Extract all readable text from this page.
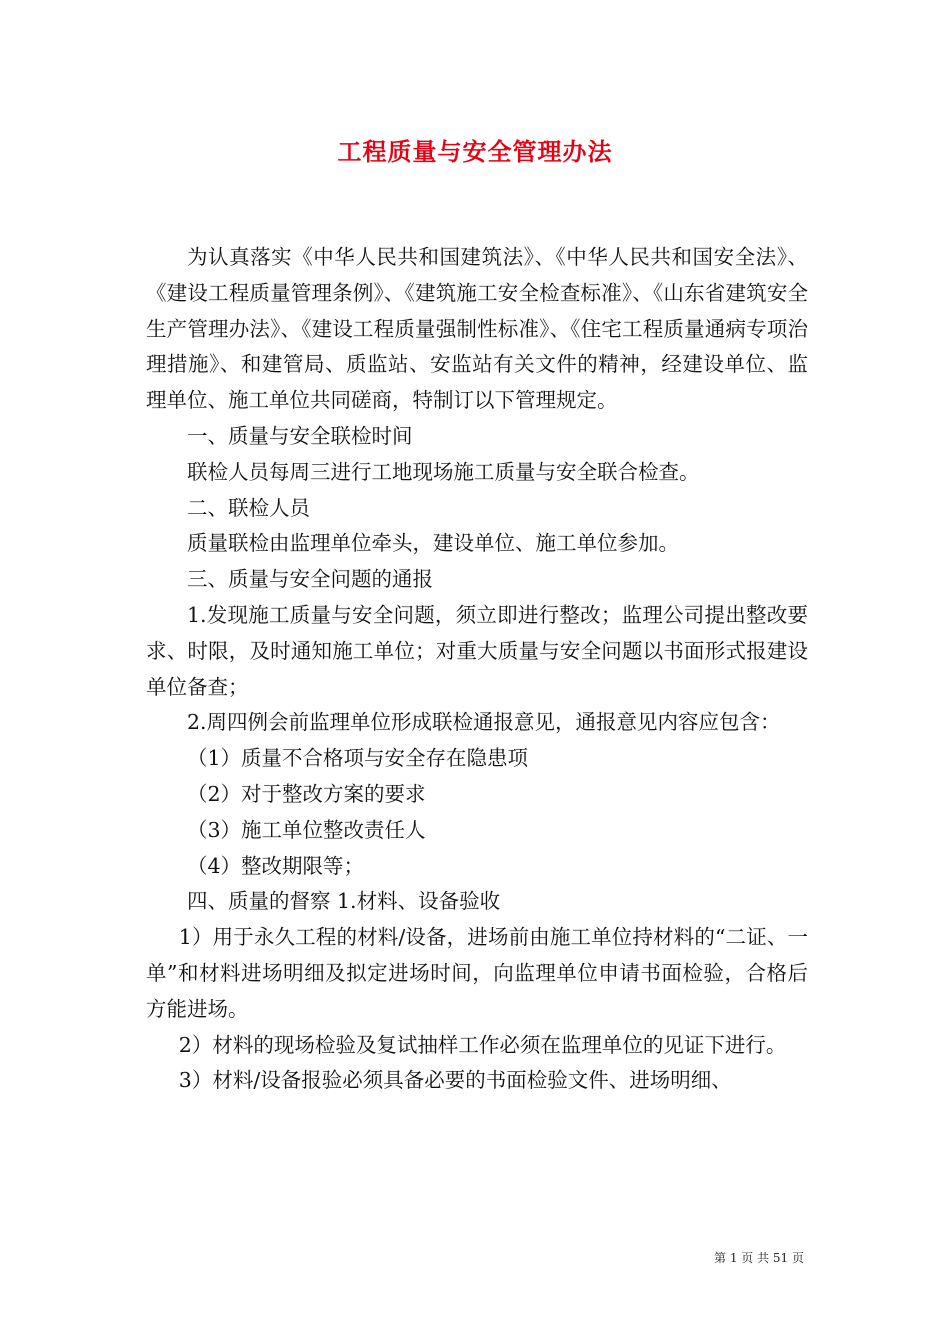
工程质量与安全管理办法

为认真落实《中华人民共和国建筑法》、《中华人民共和国安全法》、《建设工程质量管理条例》、《建筑施工安全检查标准》、《山东省建筑安全生产管理办法》、《建设工程质量强制性标准》、《住宅工程质量通病专项治理措施》、和建管局、质监站、安监站有关文件的精神，经建设单位、监理单位、施工单位共同磋商，特制订以下管理规定。

一、质量与安全联检时间

联检人员每周三进行工地现场施工质量与安全联合检查。

二、联检人员

质量联检由监理单位牵头，建设单位、施工单位参加。

三、质量与安全问题的通报

1.发现施工质量与安全问题，须立即进行整改；监理公司提出整改要求、时限，及时通知施工单位；对重大质量与安全问题以书面形式报建设单位备查；

2.周四例会前监理单位形成联检通报意见，通报意见内容应包含：

（1）质量不合格项与安全存在隐患项

（2）对于整改方案的要求

（3）施工单位整改责任人

（4）整改期限等；

四、质量的督察 1.材料、设备验收

1）用于永久工程的材料/设备，进场前由施工单位持材料的“二证、一单”和材料进场明细及拟定进场时间，向监理单位申请书面检验，合格后方能进场。

2）材料的现场检验及复试抽样工作必须在监理单位的见证下进行。

3）材料/设备报验必须具备必要的书面检验文件、进场明细、

第 1 页 共 51 页
